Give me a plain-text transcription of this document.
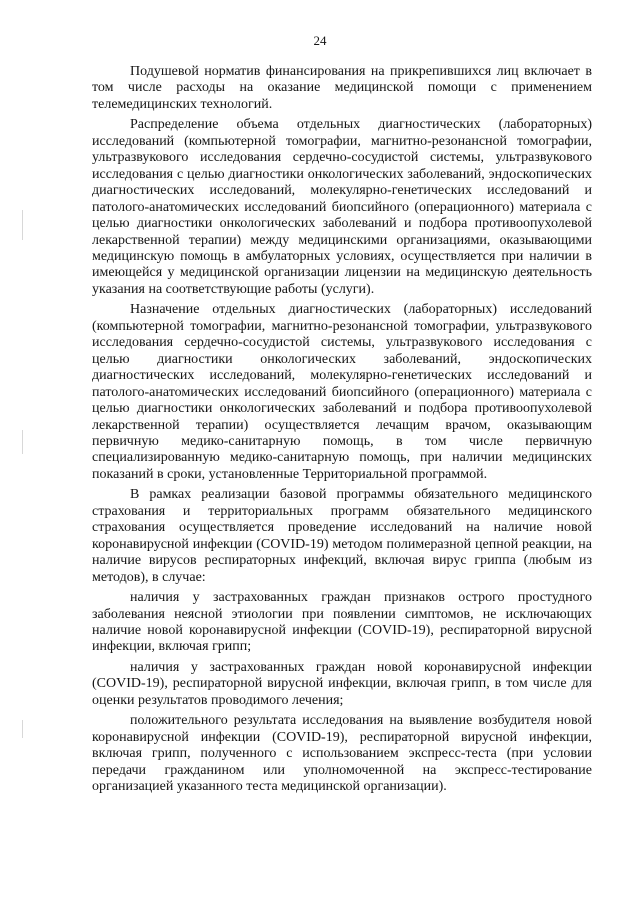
24

Подушевой норматив финансирования на прикрепившихся лиц включает в том числе расходы на оказание медицинской помощи с применением телемедицинских технологий.

Распределение объема отдельных диагностических (лабораторных) исследований (компьютерной томографии, магнитно-резонансной томографии, ультразвукового исследования сердечно-сосудистой системы, ультразвукового исследования с целью диагностики онкологических заболеваний, эндоскопических диагностических исследований, молекулярно-генетических исследований и патолого-анатомических исследований биопсийного (операционного) материала с целью диагностики онкологических заболеваний и подбора противоопухолевой лекарственной терапии) между медицинскими организациями, оказывающими медицинскую помощь в амбулаторных условиях, осуществляется при наличии в имеющейся у медицинской организации лицензии на медицинскую деятельность указания на соответствующие работы (услуги).

Назначение отдельных диагностических (лабораторных) исследований (компьютерной томографии, магнитно-резонансной томографии, ультразвукового исследования сердечно-сосудистой системы, ультразвукового исследования с целью диагностики онкологических заболеваний, эндоскопических диагностических исследований, молекулярно-генетических исследований и патолого-анатомических исследований биопсийного (операционного) материала с целью диагностики онкологических заболеваний и подбора противоопухолевой лекарственной терапии) осуществляется лечащим врачом, оказывающим первичную медико-санитарную помощь, в том числе первичную специализированную медико-санитарную помощь, при наличии медицинских показаний в сроки, установленные Территориальной программой.

В рамках реализации базовой программы обязательного медицинского страхования и территориальных программ обязательного медицинского страхования осуществляется проведение исследований на наличие новой коронавирусной инфекции (COVID-19) методом полимеразной цепной реакции, на наличие вирусов респираторных инфекций, включая вирус гриппа (любым из методов), в случае:

наличия у застрахованных граждан признаков острого простудного заболевания неясной этиологии при появлении симптомов, не исключающих наличие новой коронавирусной инфекции (COVID-19), респираторной вирусной инфекции, включая грипп;

наличия у застрахованных граждан новой коронавирусной инфекции (COVID-19), респираторной вирусной инфекции, включая грипп, в том числе для оценки результатов проводимого лечения;

положительного результата исследования на выявление возбудителя новой коронавирусной инфекции (COVID-19), респираторной вирусной инфекции, включая грипп, полученного с использованием экспресс-теста (при условии передачи гражданином или уполномоченной на экспресс-тестирование организацией указанного теста медицинской организации).
